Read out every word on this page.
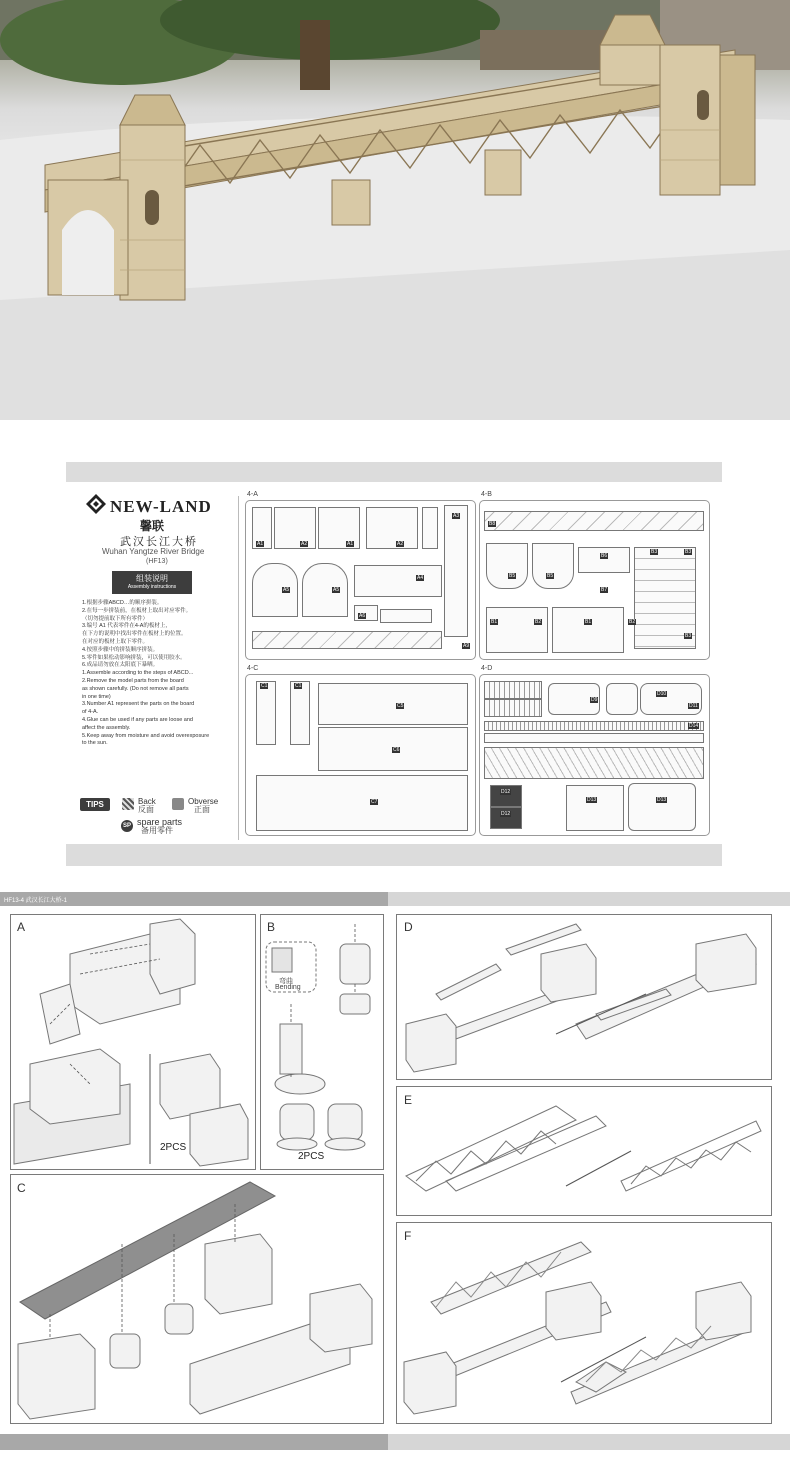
NEW-LAND
馨联
武汉长江大桥
Wuhan Yangtze River Bridge
(HF13)
组装说明
Assembly instructions
1.根据步骤ABCD…的顺序拼装。
2.在每一步拼装前，在板材上取出对应零件。
（切勿提前取下所有零件）
3.编号 A1 代表零件在4-A的板材上，
在下方的说明中找出零件在板材上的位置。
在对应的板材上取下零件。
4.按照步骤中的拼装顺序拼装。
5.零件如果松动影响拼装，可以使用胶水。
6.成品请勿放在太阳底下暴晒。
1.Assemble according to the steps of ABCD...
2.Remove the model parts from the board
as shown carefully. (Do not remove all parts
in one time)
3.Number A1 represent the parts on the board
of 4-A.
4.Glue can be used if any parts are loose and
affect the assembly.
5.Keep away from moisture and avoid overexposure
to the sun.
TIPS	Back
反面
Obverse
正面
SP spare parts
备用零件
4-A
A1	A2	A1	A2
A5	A5
A6
A4
A3
A9
4-B
B8
B5	B5
B6
B7
B1	B2	B1	B2
B3	B3
B3
4-C
C1	C1
C5
C6
C7
4-D
D9
D10
D11
D14
D12
D12
D13	D13
HF13-4 武汉长江大桥-1
A
2PCS
B
弯曲
Bending
2PCS
C
D
E
F
